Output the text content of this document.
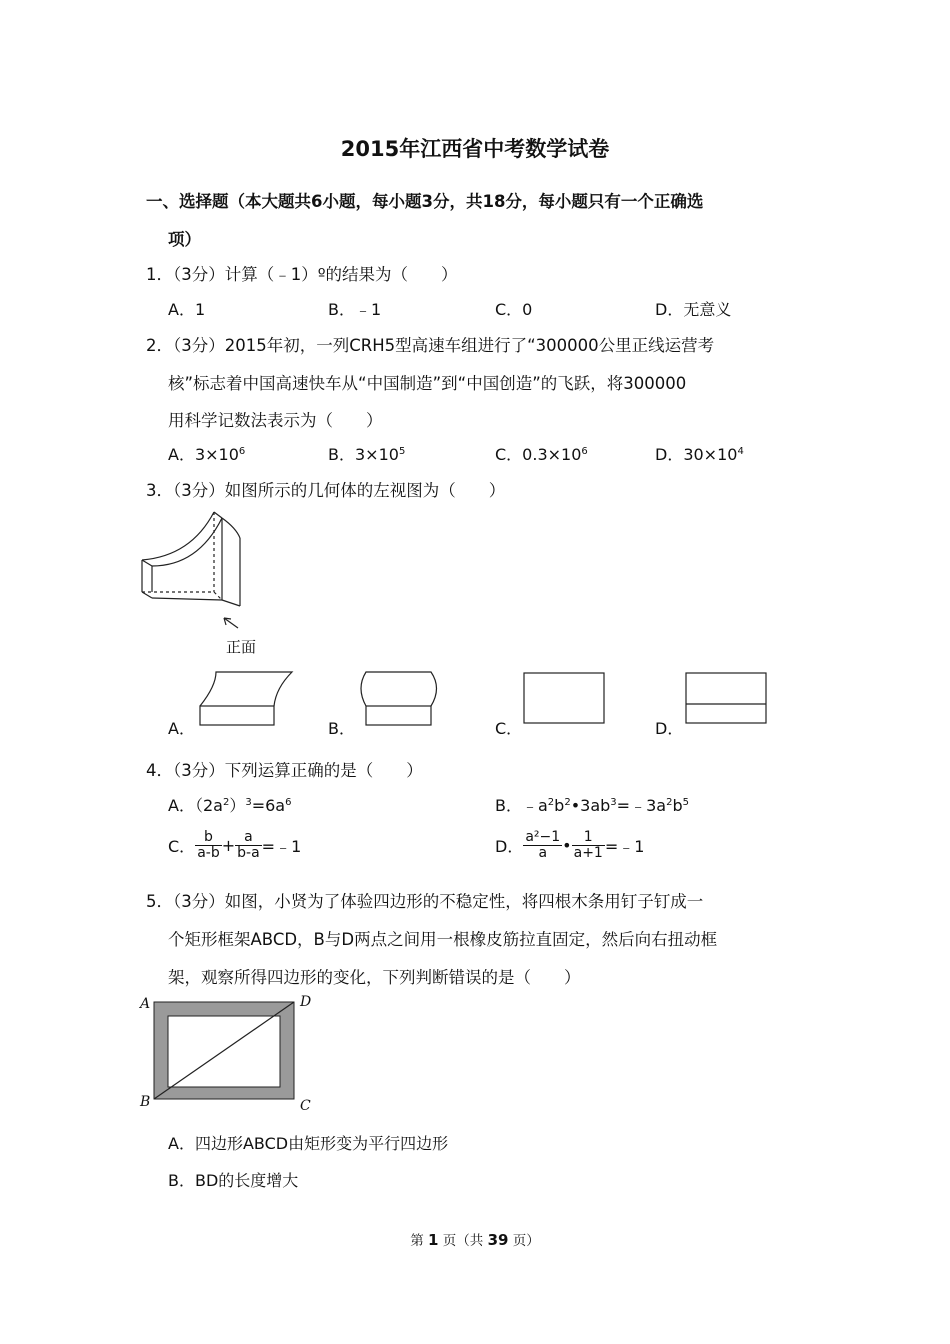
2015年江西省中考数学试卷
一、选择题（本大题共6小题，每小题3分，共18分，每小题只有一个正确选
项）
1．（3分）计算（﹣1）º的结果为（　　）
A．1	B．﹣1	C．0	D．无意义
2．（3分）2015年初，一列CRH5型高速车组进行了“300000公里正线运营考
核”标志着中国高速快车从“中国制造”到“中国创造”的飞跃，将300000
用科学记数法表示为（　　）
A．$3\times 10^6$	B．$3\times 10^5$	C．$0.3\times 10^6$	D．$30\times 10^4$
3．（3分）如图所示的几何体的左视图为（　　）
正面
A．	B．	C．	D．
4．（3分）下列运算正确的是（　　）
A．$(2a^2)^3=6a^6$	B．$﹣a^2b^2•3ab^3=﹣3a^2b^5$
C． $\frac{b}{a-b} + \frac{a}{b-a}$ =﹣1	D． $\frac{\text{a²−1}}{a}$ • $\frac{1}{a+1}$ =﹣1
5．（3分）如图，小贤为了体验四边形的不稳定性，将四根木条用钉子钉成一
个矩形框架ABCD，B与D两点之间用一根橡皮筋拉直固定，然后向右扭动框
架，观察所得四边形的变化，下列判断错误的是（　　）
A	D
B	C
A．四边形ABCD由矩形变为平行四边形
B．BD的长度增大
第 1 页（共 39 页）
